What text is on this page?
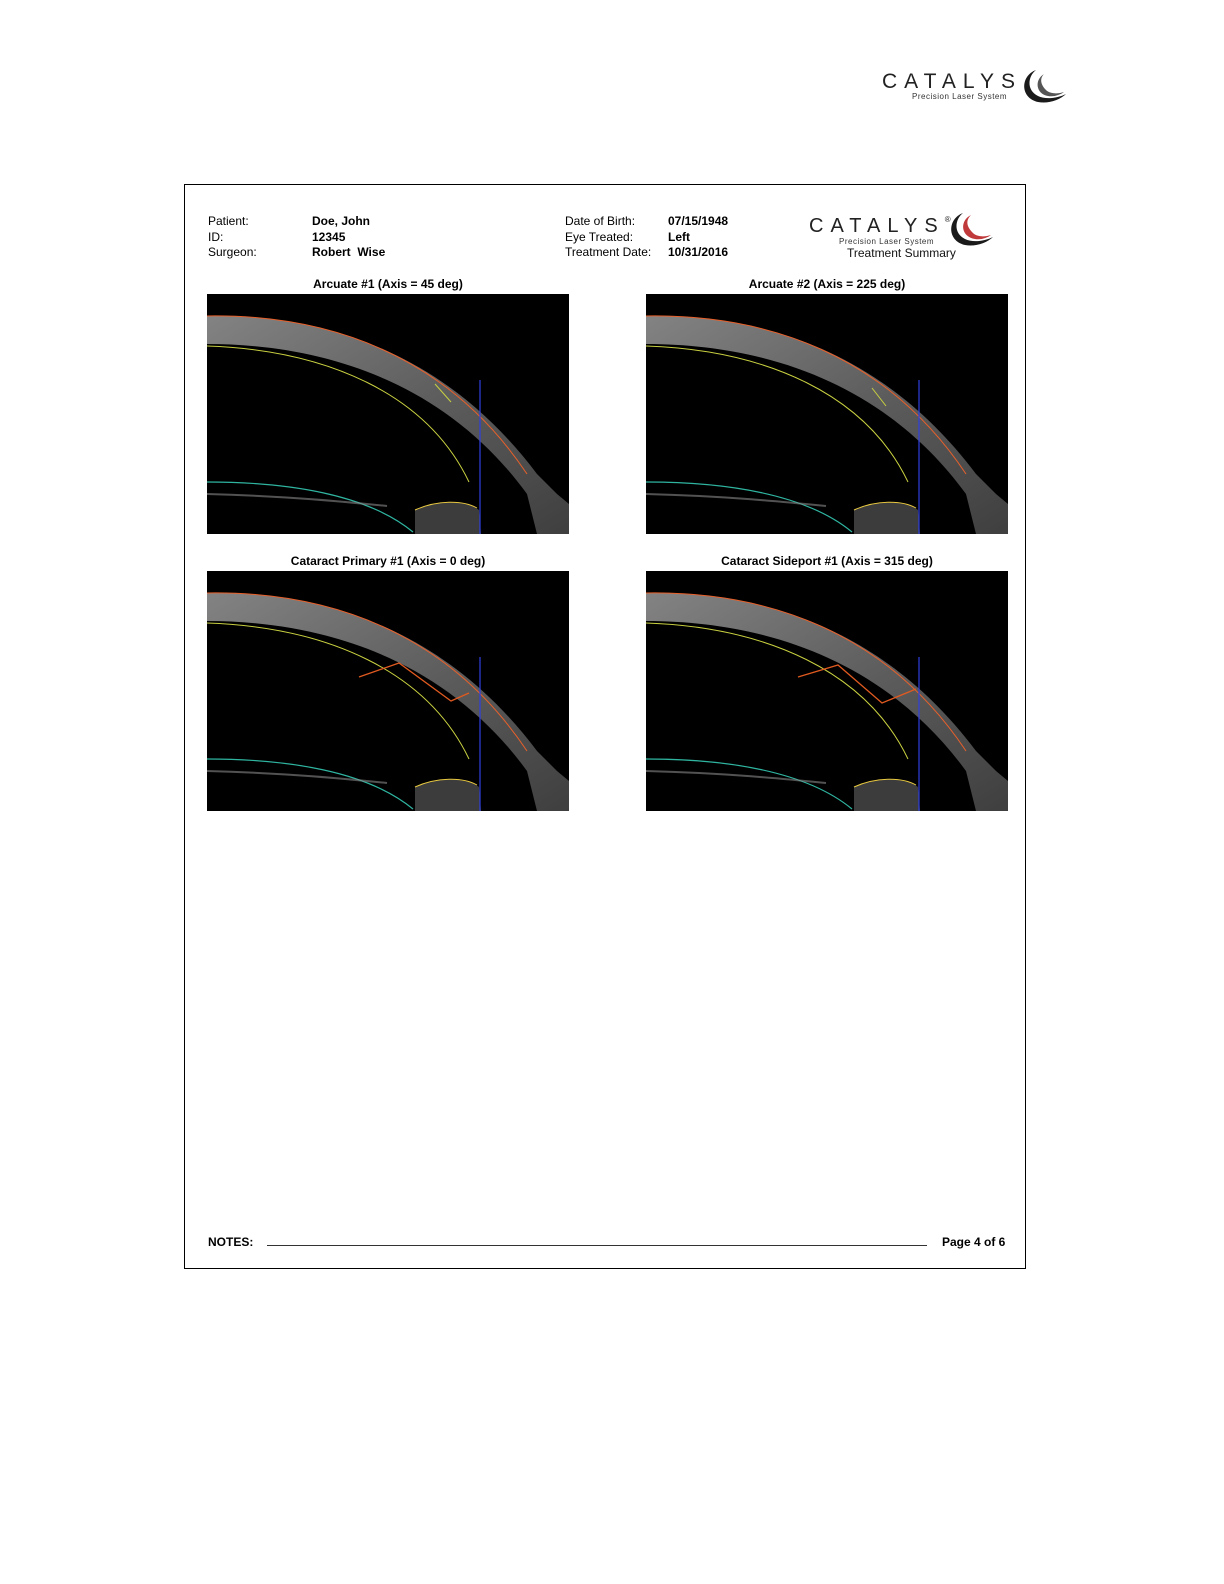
CATALYS
Precision Laser System
Patient:	Doe, John
ID:	12345
Surgeon:	Robert  Wise
Date of Birth:	07/15/1948
Eye Treated:	Left
Treatment Date:	10/31/2016
CATALYS®
Precision Laser System
Treatment Summary
Arcuate #1 (Axis = 45 deg)	Arcuate #2 (Axis = 225 deg)
Cataract Primary #1 (Axis = 0 deg)	Cataract Sideport #1 (Axis = 315 deg)
NOTES:	Page 4 of 6
